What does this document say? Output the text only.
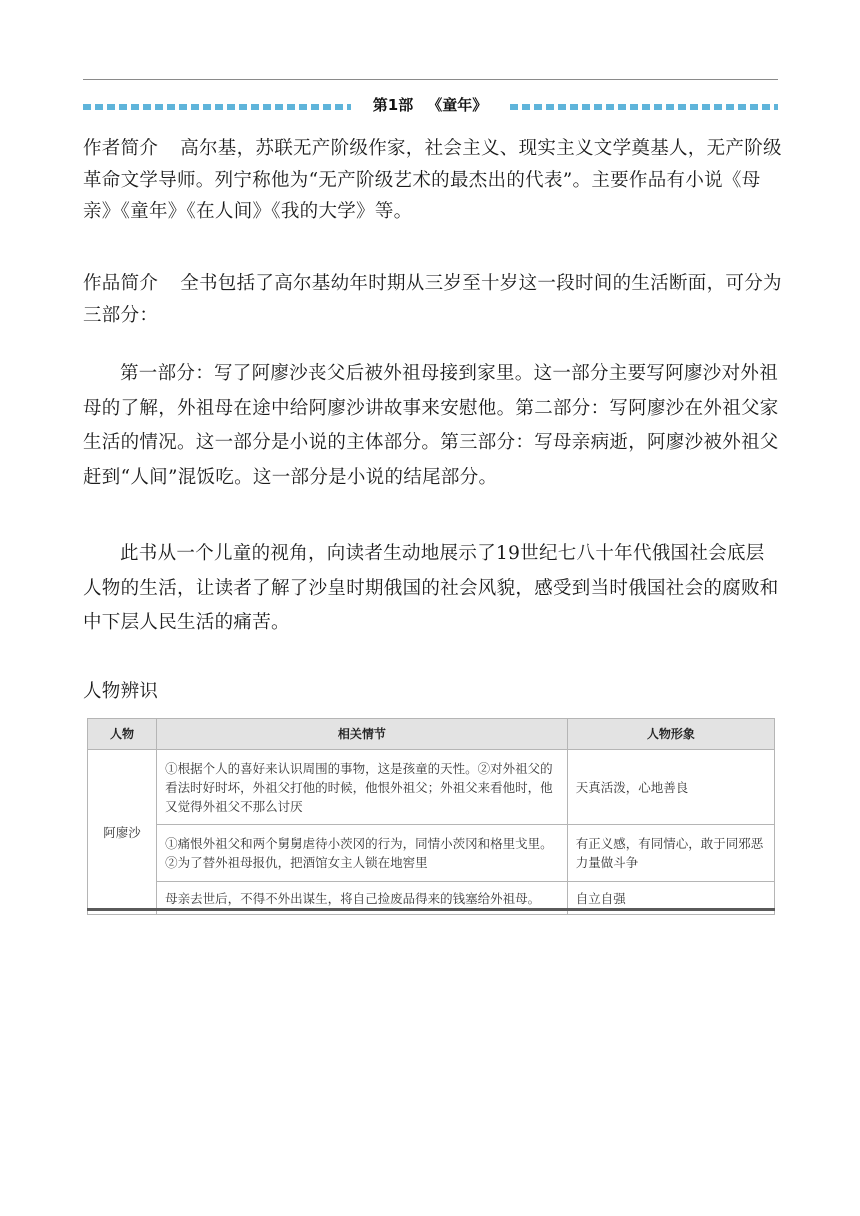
第1部 《童年》

作者简介 高尔基，苏联无产阶级作家，社会主义、现实主义文学奠基人，无产阶级革命文学导师。列宁称他为“无产阶级艺术的最杰出的代表”。主要作品有小说《母亲》《童年》《在人间》《我的大学》等。

作品简介 全书包括了高尔基幼年时期从三岁至十岁这一段时间的生活断面，可分为三部分：

第一部分：写了阿廖沙丧父后被外祖母接到家里。这一部分主要写阿廖沙对外祖母的了解，外祖母在途中给阿廖沙讲故事来安慰他。第二部分：写阿廖沙在外祖父家生活的情况。这一部分是小说的主体部分。第三部分：写母亲病逝，阿廖沙被外祖父赶到“人间”混饭吃。这一部分是小说的结尾部分。

此书从一个儿童的视角，向读者生动地展示了19世纪七八十年代俄国社会底层人物的生活，让读者了解了沙皇时期俄国的社会风貌，感受到当时俄国社会的腐败和中下层人民生活的痛苦。

人物辨识

人物	相关情节	人物形象
阿廖沙	①根据个人的喜好来认识周围的事物，这是孩童的天性。②对外祖父的看法时好时坏，外祖父打他的时候，他恨外祖父；外祖父来看他时，他又觉得外祖父不那么讨厌	天真活泼，心地善良
	①痛恨外祖父和两个舅舅虐待小茨冈的行为，同情小茨冈和格里戈里。②为了替外祖母报仇，把酒馆女主人锁在地窖里	有正义感，有同情心，敢于同邪恶力量做斗争
	母亲去世后，不得不外出谋生，将自己捡废品得来的钱塞给外祖母。	自立自强
